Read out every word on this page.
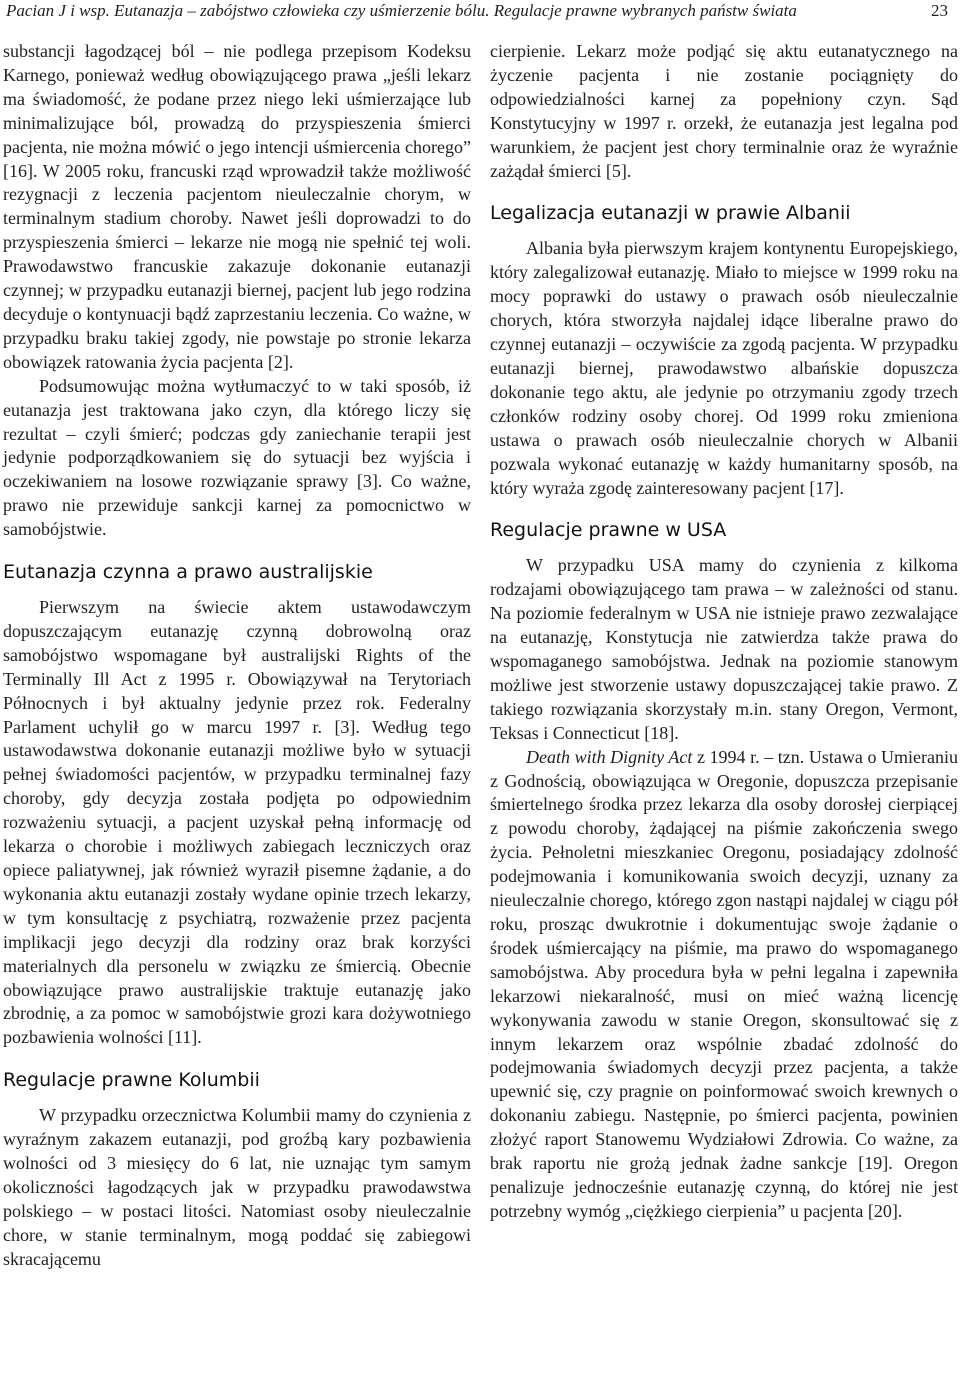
Pacian J i wsp. Eutanazja – zabójstwo człowieka czy uśmierzenie bólu. Regulacje prawne wybranych państw świata	23

substancji łagodzącej ból – nie podlega przepisom Kodeksu Karnego, ponieważ według obowiązującego prawa „jeśli lekarz ma świadomość, że podane przez niego leki uśmierzające lub minimalizujące ból, prowadzą do przyspieszenia śmierci pacjenta, nie można mówić o jego intencji uśmiercenia chorego” [16]. W 2005 roku, francuski rząd wprowadził także możliwość rezygnacji z leczenia pacjentom nieuleczalnie chorym, w terminalnym stadium choroby. Nawet jeśli doprowadzi to do przyspieszenia śmierci – lekarze nie mogą nie spełnić tej woli. Prawodawstwo francuskie zakazuje dokonanie eutanazji czynnej; w przypadku eutanazji biernej, pacjent lub jego rodzina decyduje o kontynuacji bądź zaprzestaniu leczenia. Co ważne, w przypadku braku takiej zgody, nie powstaje po stronie lekarza obowiązek ratowania życia pacjenta [2].

Podsumowując można wytłumaczyć to w taki sposób, iż eutanazja jest traktowana jako czyn, dla którego liczy się rezultat – czyli śmierć; podczas gdy zaniechanie terapii jest jedynie podporządkowaniem się do sytuacji bez wyjścia i oczekiwaniem na losowe rozwiązanie sprawy [3]. Co ważne, prawo nie przewiduje sankcji karnej za pomocnictwo w samobójstwie.

Eutanazja czynna a prawo australijskie

Pierwszym na świecie aktem ustawodawczym dopuszczającym eutanazję czynną dobrowolną oraz samobójstwo wspomagane był australijski Rights of the Terminally Ill Act z 1995 r. Obowiązywał na Terytoriach Północnych i był aktualny jedynie przez rok. Federalny Parlament uchylił go w marcu 1997 r. [3]. Według tego ustawodawstwa dokonanie eutanazji możliwe było w sytuacji pełnej świadomości pacjentów, w przypadku terminalnej fazy choroby, gdy decyzja została podjęta po odpowiednim rozważeniu sytuacji, a pacjent uzyskał pełną informację od lekarza o chorobie i możliwych zabiegach leczniczych oraz opiece paliatywnej, jak również wyraził pisemne żądanie, a do wykonania aktu eutanazji zostały wydane opinie trzech lekarzy, w tym konsultację z psychiatrą, rozważenie przez pacjenta implikacji jego decyzji dla rodziny oraz brak korzyści materialnych dla personelu w związku ze śmiercią. Obecnie obowiązujące prawo australijskie traktuje eutanazję jako zbrodnię, a za pomoc w samobójstwie grozi kara dożywotniego pozbawienia wolności [11].

Regulacje prawne Kolumbii

W przypadku orzecznictwa Kolumbii mamy do czynienia z wyraźnym zakazem eutanazji, pod groźbą kary pozbawienia wolności od 3 miesięcy do 6 lat, nie uznając tym samym okoliczności łagodzących jak w przypadku prawodawstwa polskiego – w postaci litości. Natomiast osoby nieuleczalnie chore, w stanie terminalnym, mogą poddać się zabiegowi skracającemu

cierpienie. Lekarz może podjąć się aktu eutanatycznego na życzenie pacjenta i nie zostanie pociągnięty do odpowiedzialności karnej za popełniony czyn. Sąd Konstytucyjny w 1997 r. orzekł, że eutanazja jest legalna pod warunkiem, że pacjent jest chory terminalnie oraz że wyraźnie zażądał śmierci [5].

Legalizacja eutanazji w prawie Albanii

Albania była pierwszym krajem kontynentu Europejskiego, który zalegalizował eutanazję. Miało to miejsce w 1999 roku na mocy poprawki do ustawy o prawach osób nieuleczalnie chorych, która stworzyła najdalej idące liberalne prawo do czynnej eutanazji – oczywiście za zgodą pacjenta. W przypadku eutanazji biernej, prawodawstwo albańskie dopuszcza dokonanie tego aktu, ale jedynie po otrzymaniu zgody trzech członków rodziny osoby chorej. Od 1999 roku zmieniona ustawa o prawach osób nieuleczalnie chorych w Albanii pozwala wykonać eutanazję w każdy humanitarny sposób, na który wyraża zgodę zainteresowany pacjent [17].

Regulacje prawne w USA

W przypadku USA mamy do czynienia z kilkoma rodzajami obowiązującego tam prawa – w zależności od stanu. Na poziomie federalnym w USA nie istnieje prawo zezwalające na eutanazję, Konstytucja nie zatwierdza także prawa do wspomaganego samobójstwa. Jednak na poziomie stanowym możliwe jest stworzenie ustawy dopuszczającej takie prawo. Z takiego rozwiązania skorzystały m.in. stany Oregon, Vermont, Teksas i Connecticut [18].

Death with Dignity Act z 1994 r. – tzn. Ustawa o Umieraniu z Godnością, obowiązująca w Oregonie, dopuszcza przepisanie śmiertelnego środka przez lekarza dla osoby dorosłej cierpiącej z powodu choroby, żądającej na piśmie zakończenia swego życia. Pełnoletni mieszkaniec Oregonu, posiadający zdolność podejmowania i komunikowania swoich decyzji, uznany za nieuleczalnie chorego, którego zgon nastąpi najdalej w ciągu pół roku, prosząc dwukrotnie i dokumentując swoje żądanie o środek uśmiercający na piśmie, ma prawo do wspomaganego samobójstwa. Aby procedura była w pełni legalna i zapewniła lekarzowi niekaralność, musi on mieć ważną licencję wykonywania zawodu w stanie Oregon, skonsultować się z innym lekarzem oraz wspólnie zbadać zdolność do podejmowania świadomych decyzji przez pacjenta, a także upewnić się, czy pragnie on poinformować swoich krewnych o dokonaniu zabiegu. Następnie, po śmierci pacjenta, powinien złożyć raport Stanowemu Wydziałowi Zdrowia. Co ważne, za brak raportu nie grożą jednak żadne sankcje [19]. Oregon penalizuje jednocześnie eutanazję czynną, do której nie jest potrzebny wymóg „ciężkiego cierpienia” u pacjenta [20].
